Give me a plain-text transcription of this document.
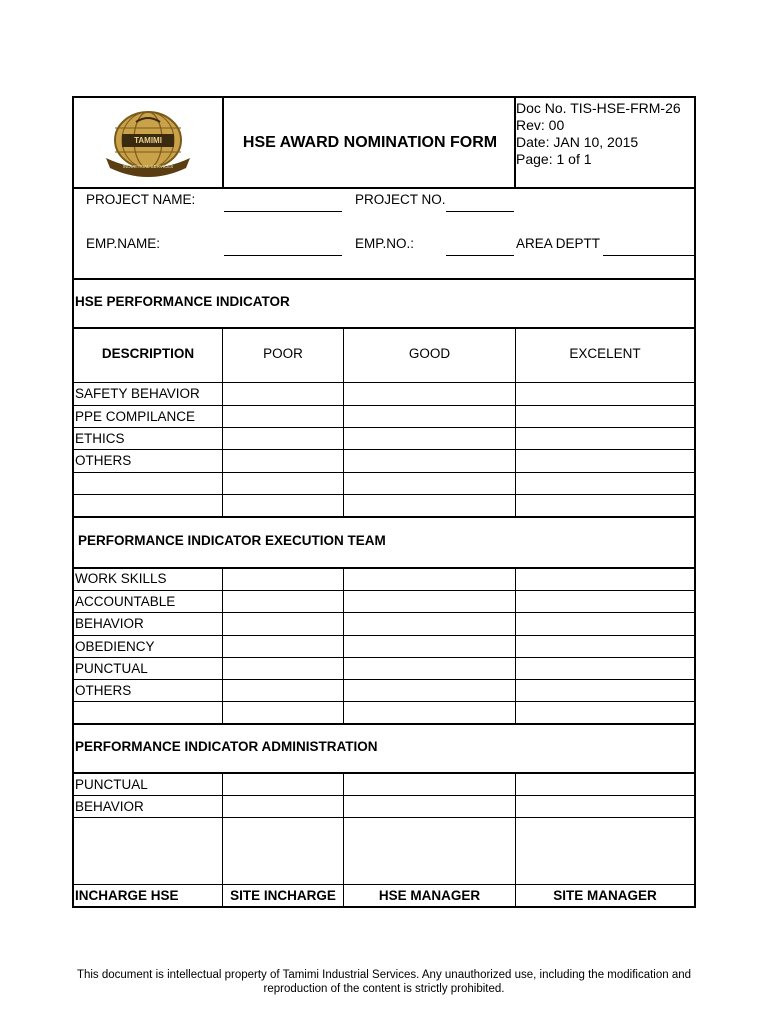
TAMIMI
INDUSTRIAL SERVICES
HSE AWARD NOMINATION FORM
Doc No. TIS-HSE-FRM-26
Rev: 00
Date: JAN 10, 2015
Page: 1 of 1
PROJECT NAME:	PROJECT NO.
EMP.NAME:	EMP.NO.:	AREA DEPTT
HSE PERFORMANCE INDICATOR
DESCRIPTION	POOR	GOOD	EXCELENT
SAFETY BEHAVIOR
PPE COMPILANCE
ETHICS
OTHERS
PERFORMANCE INDICATOR EXECUTION TEAM
WORK SKILLS
ACCOUNTABLE
BEHAVIOR
OBEDIENCY
PUNCTUAL
OTHERS
PERFORMANCE INDICATOR ADMINISTRATION
PUNCTUAL
BEHAVIOR
INCHARGE HSE	SITE INCHARGE	HSE MANAGER	SITE MANAGER
This document is intellectual property of Tamimi Industrial Services. Any unauthorized use, including the modification and
reproduction of the content is strictly prohibited.
